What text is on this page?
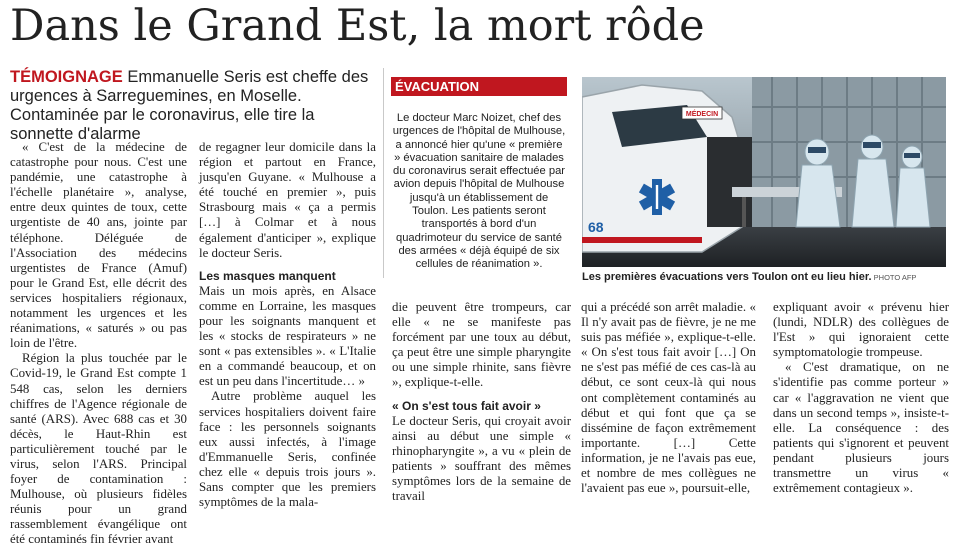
Dans le Grand Est, la mort rôde
TÉMOIGNAGE Emmanuelle Seris est cheffe des urgences à Sarreguemines, en Moselle. Contaminée par le coronavirus, elle tire la sonnette d'alarme

« C'est de la médecine de catastrophe pour nous. C'est une pandémie, une catastrophe à l'échelle planétaire », analyse, entre deux quintes de toux, cette urgentiste de 40 ans, jointe par téléphone. Déléguée de l'Association des médecins urgentistes de France (Amuf) pour le Grand Est, elle décrit des services hospitaliers régionaux, notamment les urgences et les réanimations, « saturés » ou pas loin de l'être.

Région la plus touchée par le Covid-19, le Grand Est compte 1 548 cas, selon les derniers chiffres de l'Agence régionale de santé (ARS). Avec 688 cas et 30 décès, le Haut-Rhin est particulièrement touché par le virus, selon l'ARS. Principal foyer de contamination : Mulhouse, où plusieurs fidèles réunis pour un grand rassemblement évangélique ont été contaminés fin février avant

de regagner leur domicile dans la région et partout en France, jusqu'en Guyane. « Mulhouse a été touché en premier », puis Strasbourg mais « ça a permis […] à Colmar et à nous également d'anticiper », explique le docteur Seris.

Les masques manquent

Mais un mois après, en Alsace comme en Lorraine, les masques pour les soignants manquent et les « stocks de respirateurs » ne sont « pas extensibles ». « L'Italie en a commandé beaucoup, et on est un peu dans l'incertitude… »

Autre problème auquel les services hospitaliers doivent faire face : les personnels soignants eux aussi infectés, à l'image d'Emmanuelle Seris, confinée chez elle « depuis trois jours ». Sans compter que les premiers symptômes de la mala-

ÉVACUATION
Le docteur Marc Noizet, chef des urgences de l'hôpital de Mulhouse, a annoncé hier qu'une « première » évacuation sanitaire de malades du coronavirus serait effectuée par avion depuis l'hôpital de Mulhouse jusqu'à un établissement de Toulon. Les patients seront transportés à bord d'un quadrimoteur du service de santé des armées « déjà équipé de six cellules de réanimation ».
MÉDECIN
68
Les premières évacuations vers Toulon ont eu lieu hier. PHOTO AFP

die peuvent être trompeurs, car elle « ne se manifeste pas forcément par une toux au début, ça peut être une simple pharyngite ou une simple rhinite, sans fièvre », explique-t-elle.

« On s'est tous fait avoir »

Le docteur Seris, qui croyait avoir ainsi au début une simple « rhinopharyngite », a vu « plein de patients » souffrant des mêmes symptômes lors de la semaine de travail

qui a précédé son arrêt maladie. « Il n'y avait pas de fièvre, je ne me suis pas méfiée », explique-t-elle. « On s'est tous fait avoir […] On ne s'est pas méfié de ces cas-là au début, ce sont ceux-là qui nous ont complètement contaminés au début et qui font que ça se dissémine de façon extrêmement importante. […] Cette information, je ne l'avais pas eue, et nombre de mes collègues ne l'avaient pas eue », poursuit-elle,

expliquant avoir « prévenu hier (lundi, NDLR) des collègues de l'Est » qui ignoraient cette symptomatologie trompeuse.

« C'est dramatique, on ne s'identifie pas comme porteur » car « l'aggravation ne vient que dans un second temps », insiste-t-elle. La conséquence : des patients qui s'ignorent et peuvent pendant plusieurs jours transmettre un virus « extrêmement contagieux ».
